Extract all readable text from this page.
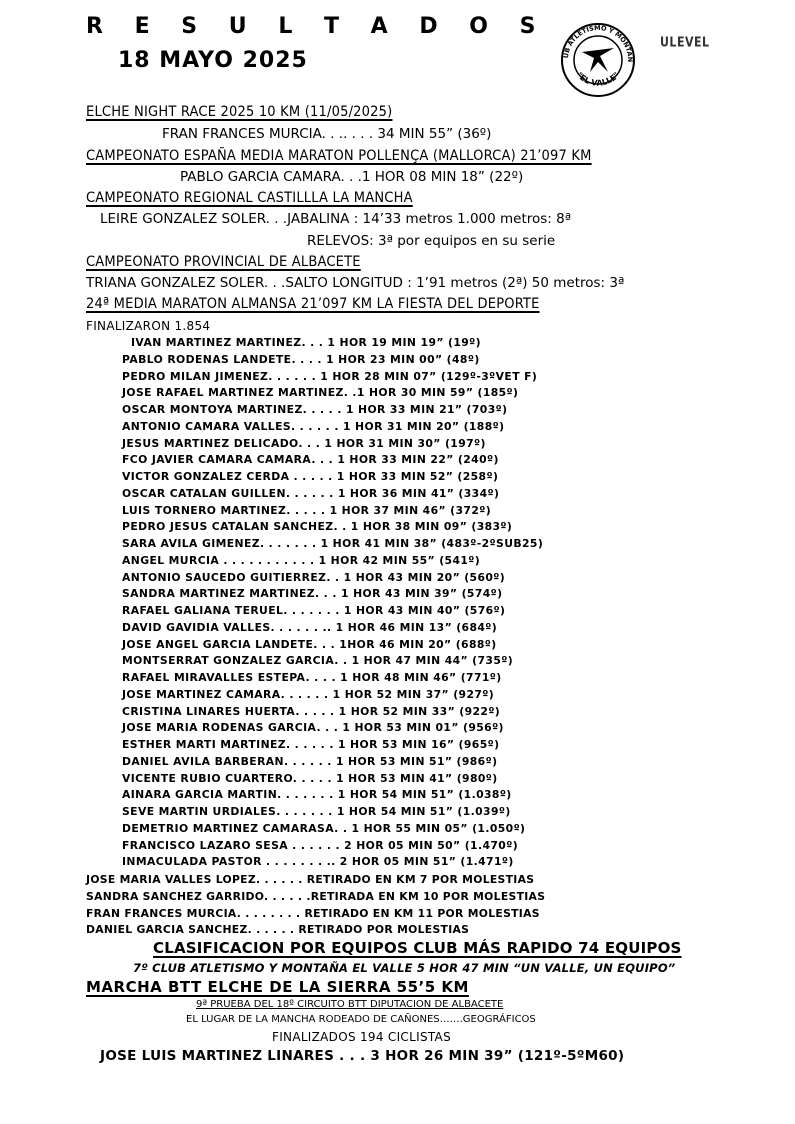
R E S U L T A D O S
18 MAYO 2025	UB ATLETISMO Y MONTAÑ
"EL VALLE"
ULEVEL
ELCHE NIGHT RACE 2025 10 KM (11/05/2025)
FRAN FRANCES MURCIA. . .. . . . 34 MIN 55” (36º)
CAMPEONATO ESPAÑA MEDIA MARATON POLLENÇA (MALLORCA) 21’097 KM
PABLO GARCIA CAMARA. . .1 HOR 08 MIN 18” (22º)
CAMPEONATO REGIONAL CASTILLLA LA MANCHA
LEIRE GONZALEZ SOLER. . .JABALINA : 14’33 metros 1.000 metros: 8ª
RELEVOS: 3ª por equipos en su serie
CAMPEONATO PROVINCIAL DE ALBACETE
TRIANA GONZALEZ SOLER. . .SALTO LONGITUD : 1’91 metros (2ª) 50 metros: 3ª
24ª MEDIA MARATON ALMANSA 21’097 KM LA FIESTA DEL DEPORTE
FINALIZARON 1.854
IVAN MARTINEZ MARTINEZ. . . 1 HOR 19 MIN 19” (19º)
PABLO RODENAS LANDETE. . . . 1 HOR 23 MIN 00” (48º)
PEDRO MILAN JIMENEZ. . . . . . 1 HOR 28 MIN 07” (129º-3ºVET F)
JOSE RAFAEL MARTINEZ MARTINEZ. .1 HOR 30 MIN 59” (185º)
OSCAR MONTOYA MARTINEZ. . . . . 1 HOR 33 MIN 21” (703º)
ANTONIO CAMARA VALLES. . . . . . 1 HOR 31 MIN 20” (188º)
JESUS MARTINEZ DELICADO. . . 1 HOR 31 MIN 30” (197º)
FCO JAVIER CAMARA CAMARA. . . 1 HOR 33 MIN 22” (240º)
VICTOR GONZALEZ CERDA . . . . . 1 HOR 33 MIN 52” (258º)
OSCAR CATALAN GUILLEN. . . . . . 1 HOR 36 MIN 41” (334º)
LUIS TORNERO MARTINEZ. . . . . 1 HOR 37 MIN 46” (372º)
PEDRO JESUS CATALAN SANCHEZ. . 1 HOR 38 MIN 09” (383º)
SARA AVILA GIMENEZ. . . . . . . 1 HOR 41 MIN 38” (483º-2ºSUB25)
ANGEL MURCIA . . . . . . . . . . . 1 HOR 42 MIN 55” (541º)
ANTONIO SAUCEDO GUITIERREZ. . 1 HOR 43 MIN 20” (560º)
SANDRA MARTINEZ MARTINEZ. . . 1 HOR 43 MIN 39” (574º)
RAFAEL GALIANA TERUEL. . . . . . . 1 HOR 43 MIN 40” (576º)
DAVID GAVIDIA VALLES. . . . . . .. 1 HOR 46 MIN 13” (684º)
JOSE ANGEL GARCIA LANDETE. . . 1HOR 46 MIN 20” (688º)
MONTSERRAT GONZALEZ GARCIA. . 1 HOR 47 MIN 44” (735º)
RAFAEL MIRAVALLES ESTEPA. . . . 1 HOR 48 MIN 46” (771º)
JOSE MARTINEZ CAMARA. . . . . . 1 HOR 52 MIN 37” (927º)
CRISTINA LINARES HUERTA. . . . . 1 HOR 52 MIN 33” (922º)
JOSE MARIA RODENAS GARCIA. . . 1 HOR 53 MIN 01” (956º)
ESTHER MARTI MARTINEZ. . . . . . 1 HOR 53 MIN 16” (965º)
DANIEL AVILA BARBERAN. . . . . . 1 HOR 53 MIN 51” (986º)
VICENTE RUBIO CUARTERO. . . . . 1 HOR 53 MIN 41” (980º)
AINARA GARCIA MARTIN. . . . . . . 1 HOR 54 MIN 51” (1.038º)
SEVE MARTIN URDIALES. . . . . . . 1 HOR 54 MIN 51” (1.039º)
DEMETRIO MARTINEZ CAMARASA. . 1 HOR 55 MIN 05” (1.050º)
FRANCISCO LAZARO SESA . . . . . . 2 HOR 05 MIN 50” (1.470º)
INMACULADA PASTOR . . . . . . . .. 2 HOR 05 MIN 51” (1.471º)
JOSE MARIA VALLES LOPEZ. . . . . . RETIRADO EN KM 7 POR MOLESTIAS
SANDRA SANCHEZ GARRIDO. . . . . .RETIRADA EN KM 10 POR MOLESTIAS
FRAN FRANCES MURCIA. . . . . . . . RETIRADO EN KM 11 POR MOLESTIAS
DANIEL GARCIA SANCHEZ. . . . . . RETIRADO POR MOLESTIAS
CLASIFICACION POR EQUIPOS CLUB MÁS RAPIDO 74 EQUIPOS
7º CLUB ATLETISMO Y MONTAÑA EL VALLE 5 HOR 47 MIN “UN VALLE, UN EQUIPO”
MARCHA BTT ELCHE DE LA SIERRA 55’5 KM
9ª PRUEBA DEL 18º CIRCUITO BTT DIPUTACION DE ALBACETE
EL LUGAR DE LA MANCHA RODEADO DE CAÑONES…….GEOGRÁFICOS
FINALIZADOS 194 CICLISTAS
JOSE LUIS MARTINEZ LINARES . . . 3 HOR 26 MIN 39” (121º-5ºM60)
